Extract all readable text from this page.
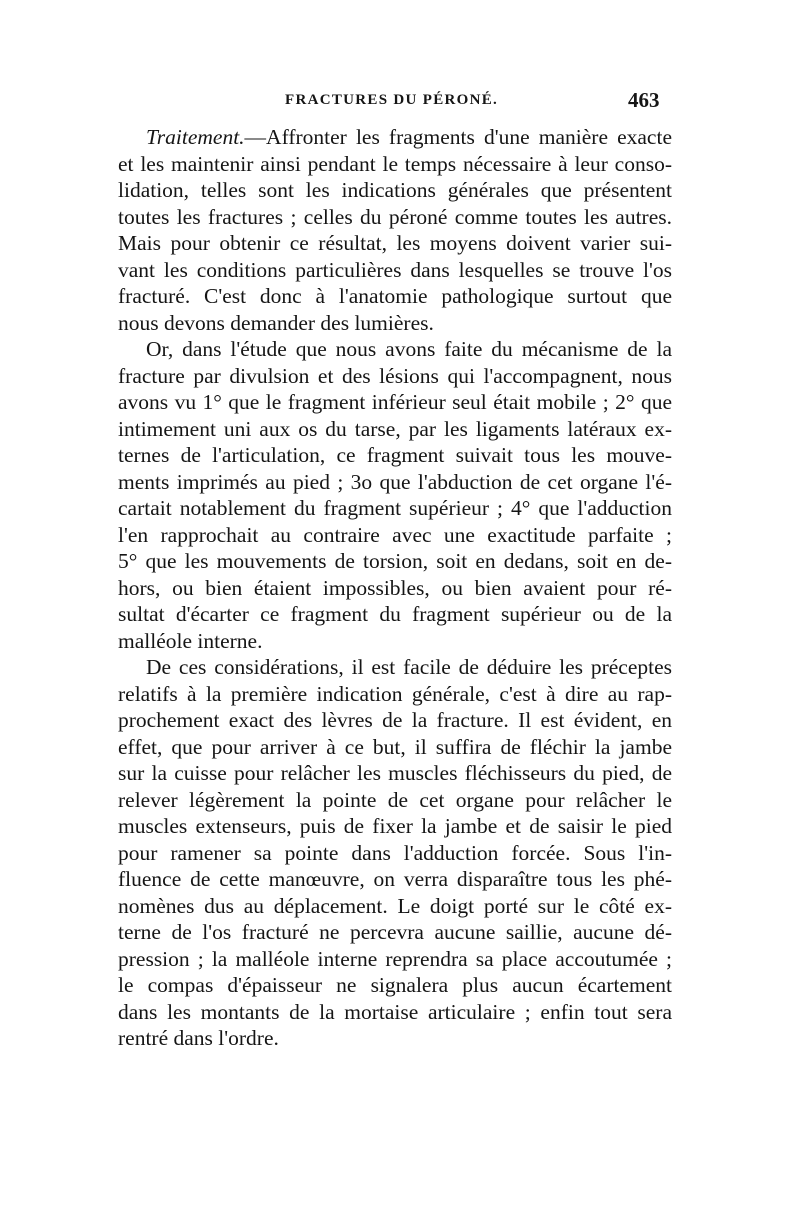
FRACTURES DU PÉRONÉ.	463
Traitement.—Affronter les fragments d'une manière exacte
et les maintenir ainsi pendant le temps nécessaire à leur conso-
lidation, telles sont les indications générales que présentent
toutes les fractures ; celles du péroné comme toutes les autres.
Mais pour obtenir ce résultat, les moyens doivent varier sui-
vant les conditions particulières dans lesquelles se trouve l'os
fracturé. C'est donc à l'anatomie pathologique surtout que
nous devons demander des lumières.
Or, dans l'étude que nous avons faite du mécanisme de la
fracture par divulsion et des lésions qui l'accompagnent, nous
avons vu 1° que le fragment inférieur seul était mobile ; 2° que
intimement uni aux os du tarse, par les ligaments latéraux ex-
ternes de l'articulation, ce fragment suivait tous les mouve-
ments imprimés au pied ; 3o que l'abduction de cet organe l'é-
cartait notablement du fragment supérieur ; 4° que l'adduction
l'en rapprochait au contraire avec une exactitude parfaite ;
5° que les mouvements de torsion, soit en dedans, soit en de-
hors, ou bien étaient impossibles, ou bien avaient pour ré-
sultat d'écarter ce fragment du fragment supérieur ou de la
malléole interne.
De ces considérations, il est facile de déduire les préceptes
relatifs à la première indication générale, c'est à dire au rap-
prochement exact des lèvres de la fracture. Il est évident, en
effet, que pour arriver à ce but, il suffira de fléchir la jambe
sur la cuisse pour relâcher les muscles fléchisseurs du pied, de
relever légèrement la pointe de cet organe pour relâcher le
muscles extenseurs, puis de fixer la jambe et de saisir le pied
pour ramener sa pointe dans l'adduction forcée. Sous l'in-
fluence de cette manœuvre, on verra disparaître tous les phé-
nomènes dus au déplacement. Le doigt porté sur le côté ex-
terne de l'os fracturé ne percevra aucune saillie, aucune dé-
pression ; la malléole interne reprendra sa place accoutumée ;
le compas d'épaisseur ne signalera plus aucun écartement
dans les montants de la mortaise articulaire ; enfin tout sera
rentré dans l'ordre.
